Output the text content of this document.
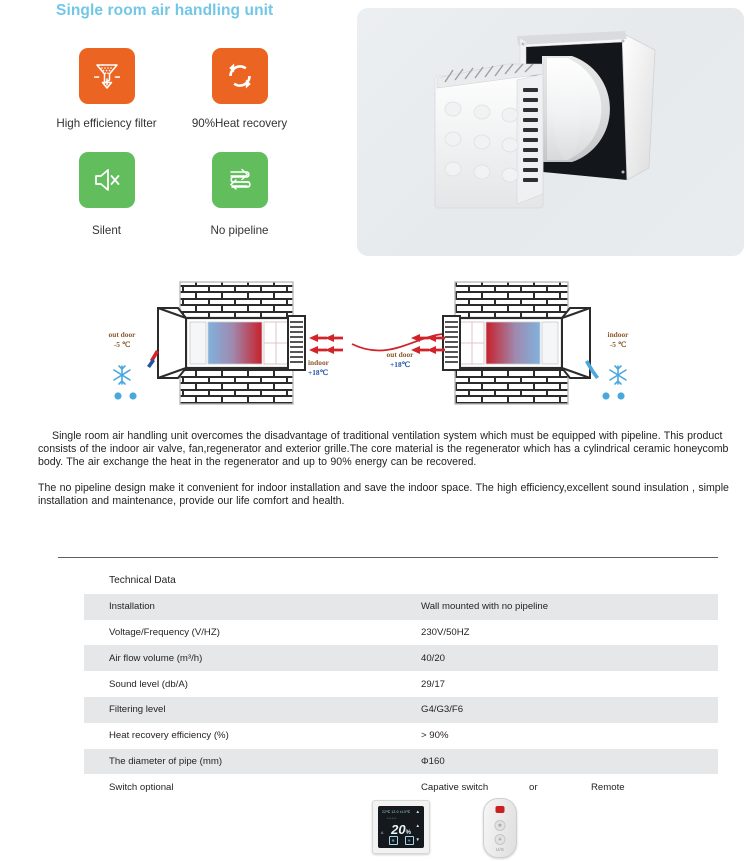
Single room air handling unit
High efficiency filter	90%Heat recovery
Silent	No pipeline
out door
-5 ℃
indoor
+18℃
out door
+18℃
indoor
-5 ℃

Single room air handling unit overcomes the disadvantage of traditional ventilation system which must be equipped with pipeline. This product consists of the indoor air valve, fan,regenerator and exterior grille.The core material is the regenerator which has a cylindrical ceramic honeycomb body. The air exchange the heat in the regenerator and up to 90% energy can be recovered.

The no pipeline design make it convenient for indoor installation and save the indoor space. The high efficiency,excellent sound insulation , simple installation and maintenance, provide our life comfort and health.

Technical Data	
Installation	Wall mounted with no pipeline
Voltage/Frequency (V/HZ)	230V/50HZ
Air flow volume (m³/h)	40/20
Sound level (db/A)	29/17
Filtering level	G4/G3/F6
Heat recovery efficiency (%)	> 90%
The diameter of pipe (mm)	Φ160
Switch optional	Capative switch or Remote
22℃ 12:0 ±10℃ ▲
••••••
A 20%
▲
▼
❄	☀
❄
☀
U/S
